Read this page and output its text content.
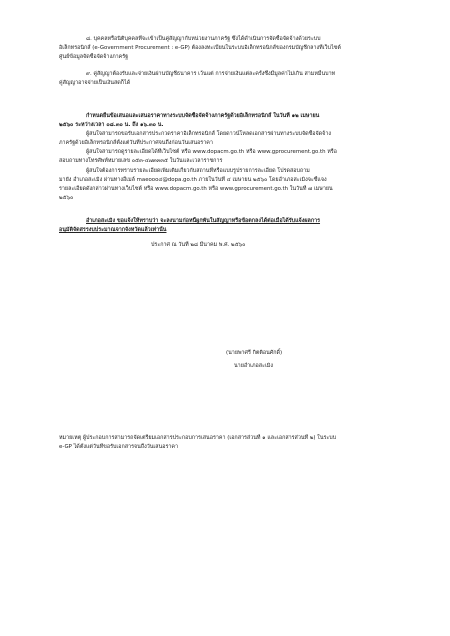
๘. บุคคลหรือนิติบุคคลที่จะเข้าเป็นคู่สัญญากับหน่วยงานภาครัฐ ซึ่งได้ดำเนินการจัดซื้อจัดจ้างด้วยระบบ
อิเล็กทรอนิกส์ (e-Government Procurement : e-GP) ต้องลงทะเบียนในระบบอิเล็กทรอนิกส์ของกรมบัญชีกลางที่เว็บไซต์
ศูนย์ข้อมูลจัดซื้อจัดจ้างภาครัฐ
๙. คู่สัญญาต้องรับและจ่ายเงินผ่านบัญชีธนาคาร เว้นแต่ การจ่ายเงินแต่ละครั้งซึ่งมีมูลค่าไม่เกิน สามหมื่นบาท
คู่สัญญาอาจจ่ายเป็นเงินสดก็ได้
กำหนดยื่นข้อเสนอและเสนอราคาทางระบบจัดซื้อจัดจ้างภาครัฐด้วยอิเล็กทรอนิกส์ ในวันที่ ๑๒ เมษายน
๒๕๖๐ ระหว่างเวลา ๐๘.๓๐ น. ถึง ๑๖.๓๐ น.
ผู้สนใจสามารถขอรับเอกสารประกวดราคาอิเล็กทรอนิกส์ โดยดาวน์โหลดเอกสารผ่านทางระบบจัดซื้อจัดจ้าง
ภาครัฐด้วยอิเล็กทรอนิกส์ตั้งแต่วันที่ประกาศจนถึงก่อนวันเสนอราคา
ผู้สนใจสามารถดูรายละเอียดได้ที่เว็บไซต์ หรือ www.dopacm.go.th หรือ www.gprocurement.go.th หรือ
สอบถามทางโทรศัพท์หมายเลข ๐๕๓-๔๗๓๓๓๕ ในวันและเวลาราชการ
ผู้สนใจต้องการทราบรายละเอียดเพิ่มเติมเกี่ยวกับสถานที่หรือแบบรูปรายการละเอียด โปรดสอบถาม
มายัง อำเภอสะเมิง ผ่านทางอีเมล์ maeooo๔@dopa.go.th ภายในวันที่ ๔ เมษายน ๒๕๖๐ โดยอำเภอสะเมิงจะชี้แจง
รายละเอียดดังกล่าวผ่านทางเว็บไซต์ หรือ www.dopacm.go.th หรือ www.gprocurement.go.th ในวันที่ ๗ เมษายน
๒๕๖๐
อำเภอสะเมิง ขอแจ้งให้ทราบว่า จะลงนามก่อหนี้ผูกพันในสัญญาหรือข้อตกลงได้ต่อเมื่อได้รับแจ้งผลการ
อนุมัติจัดสรรงบประมาณจากจังหวัดแล้วเท่านั้น
ประกาศ ณ วันที่ ๒๘ มีนาคม พ.ศ. ๒๕๖๐
(นายพาศรี กิตติอนศักดิ์)
นายอำเภอสะเมิง
หมายเหตุ ผู้ประกอบการสามารถจัดเตรียมเอกสารประกอบการเสนอราคา (เอกสารส่วนที่ ๑ และเอกสารส่วนที่ ๒) ในระบบ
e-GP ได้ตั้งแต่วันที่ขอรับเอกสารจนถึงวันเสนอราคา
